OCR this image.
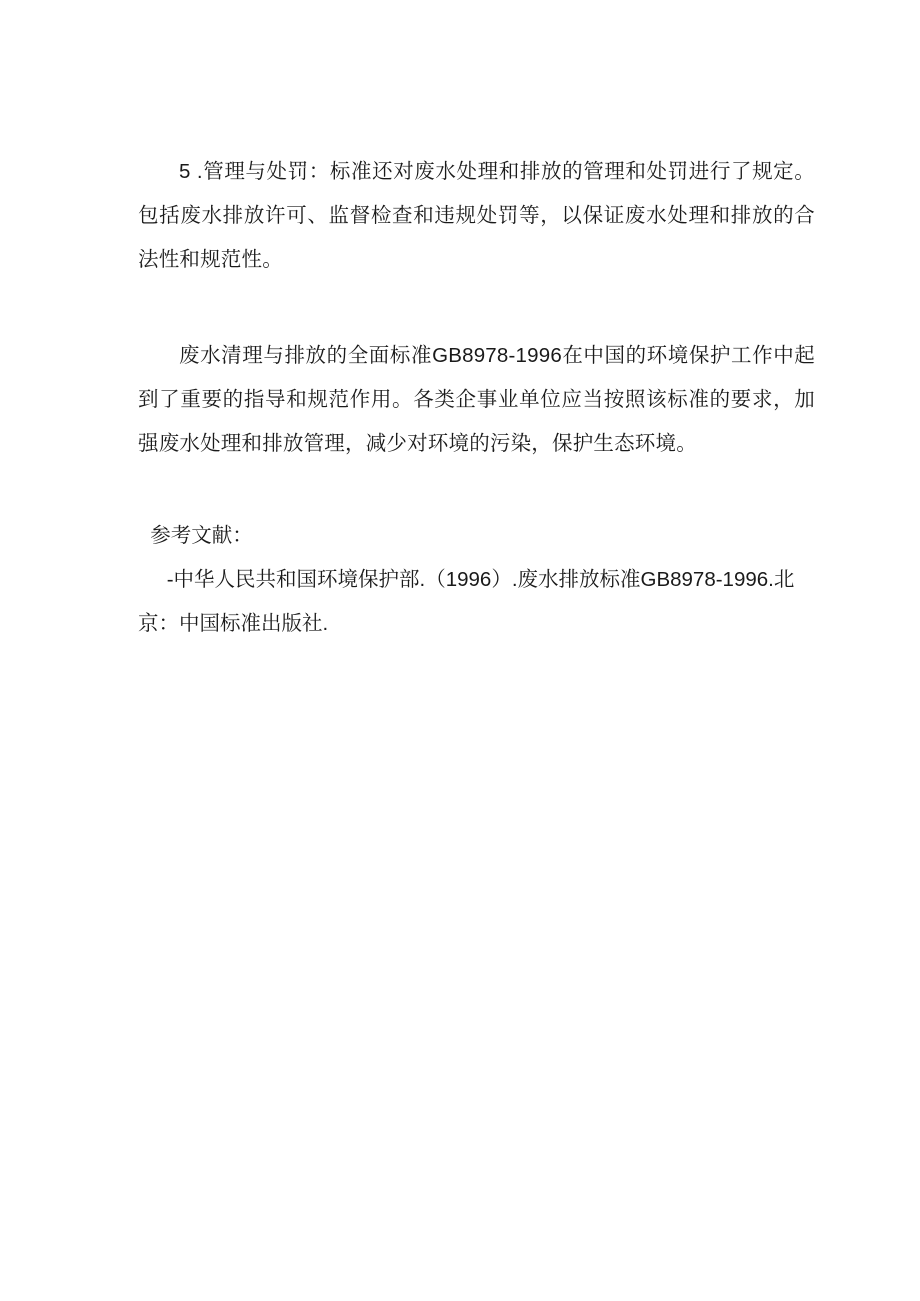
5 .管理与处罚：标准还对废水处理和排放的管理和处罚进行了规定。包括废水排放许可、监督检查和违规处罚等，以保证废水处理和排放的合法性和规范性。

废水清理与排放的全面标准GB8978-1996在中国的环境保护工作中起到了重要的指导和规范作用。各类企事业单位应当按照该标准的要求，加强废水处理和排放管理，减少对环境的污染，保护生态环境。

参考文献：

-中华人民共和国环境保护部.（1996）.废水排放标准GB8978-1996.北京：中国标准出版社.
